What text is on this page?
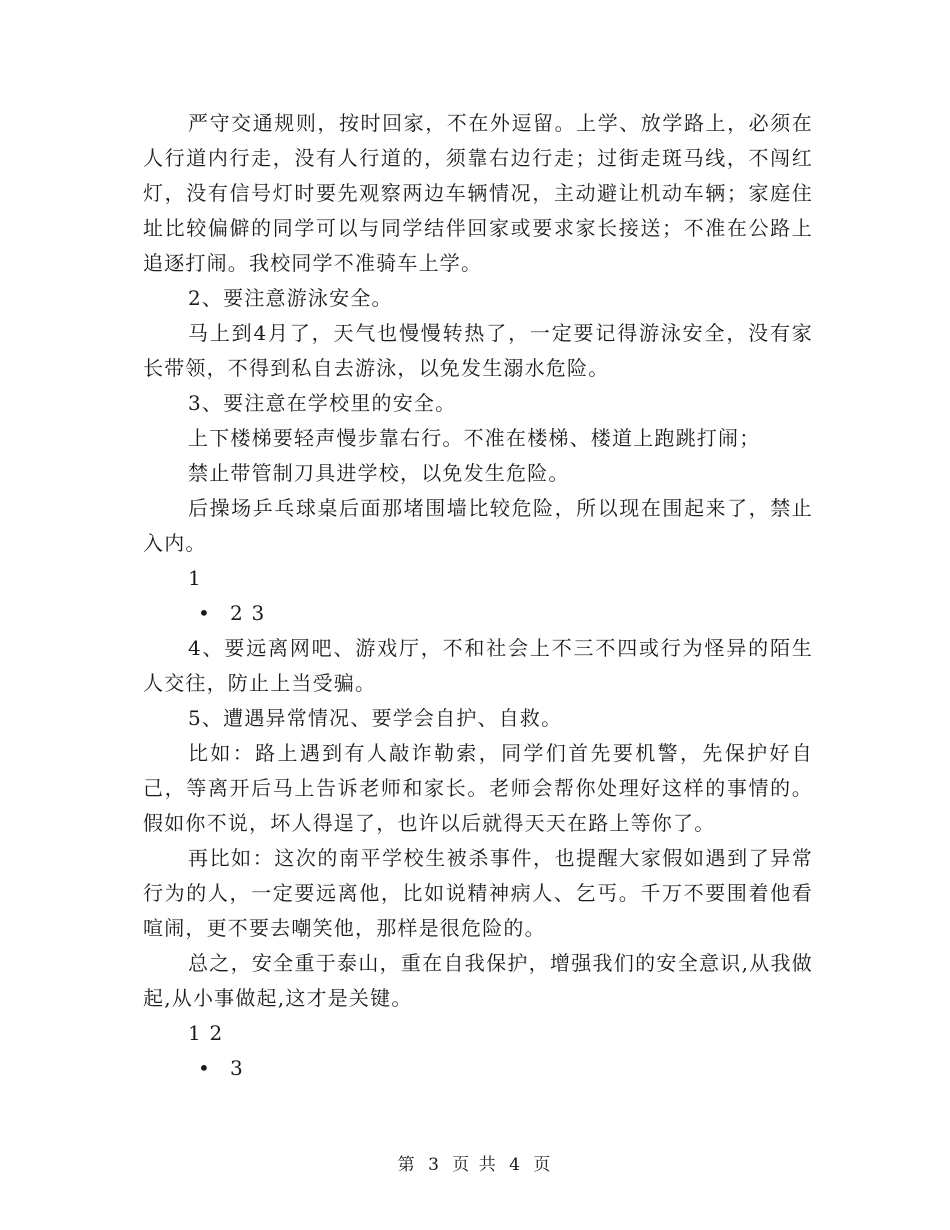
严守交通规则，按时回家，不在外逗留。上学、放学路上，必须在人行道内行走，没有人行道的，须靠右边行走；过街走斑马线，不闯红灯，没有信号灯时要先观察两边车辆情况，主动避让机动车辆；家庭住址比较偏僻的同学可以与同学结伴回家或要求家长接送；不准在公路上追逐打闹。我校同学不准骑车上学。

2、要注意游泳安全。

马上到4月了，天气也慢慢转热了，一定要记得游泳安全，没有家长带领，不得到私自去游泳，以免发生溺水危险。

3、要注意在学校里的安全。

上下楼梯要轻声慢步靠右行。不准在楼梯、楼道上跑跳打闹；

禁止带管制刀具进学校，以免发生危险。

后操场乒乓球桌后面那堵围墙比较危险，所以现在围起来了，禁止入内。

1

• 2 3

4、要远离网吧、游戏厅，不和社会上不三不四或行为怪异的陌生人交往，防止上当受骗。

5、遭遇异常情况、要学会自护、自救。

比如：路上遇到有人敲诈勒索，同学们首先要机警，先保护好自己，等离开后马上告诉老师和家长。老师会帮你处理好这样的事情的。假如你不说，坏人得逞了，也许以后就得天天在路上等你了。

再比如：这次的南平学校生被杀事件，也提醒大家假如遇到了异常行为的人，一定要远离他，比如说精神病人、乞丐。千万不要围着他看喧闹，更不要去嘲笑他，那样是很危险的。

总之，安全重于泰山，重在自我保护，增强我们的安全意识,从我做起,从小事做起,这才是关键。

1 2

• 3

第 3 页 共 4 页
